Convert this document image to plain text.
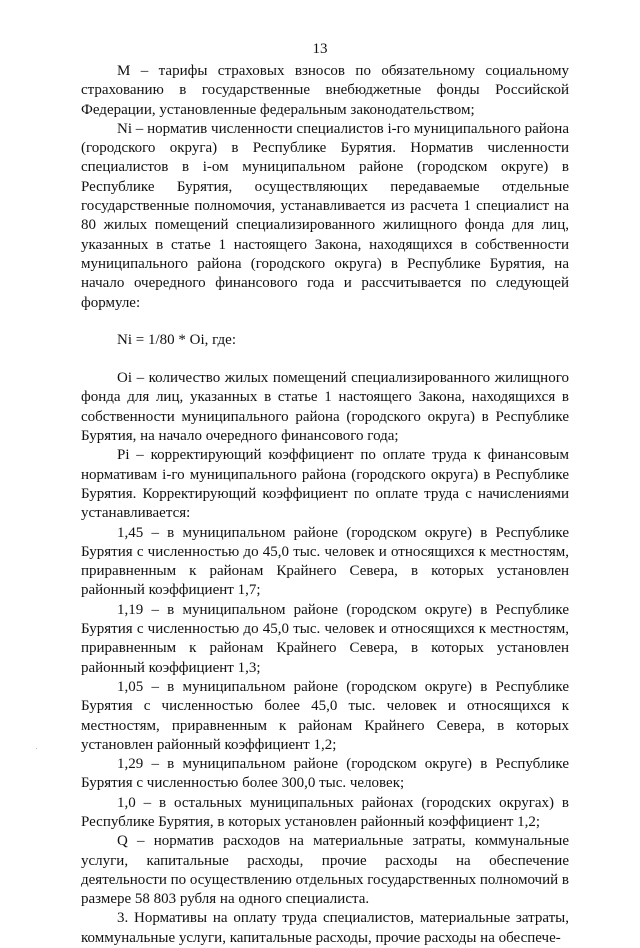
13

M – тарифы страховых взносов по обязательному социальному страхованию в государственные внебюджетные фонды Российской Федерации, установленные федеральным законодательством;

Ni – норматив численности специалистов i-го муниципального района (городского округа) в Республике Бурятия. Норматив численности специалистов в i-ом муниципальном районе (городском округе) в Республике Бурятия, осуществляющих передаваемые отдельные государственные полномочия, устанавливается из расчета 1 специалист на 80 жилых помещений специализированного жилищного фонда для лиц, указанных в статье 1 настоящего Закона, находящихся в собственности муниципального района (городского округа) в Республике Бурятия, на начало очередного финансового года и рассчитывается по следующей формуле:

Ni = 1/80 * Oi, где:

Oi – количество жилых помещений специализированного жилищного фонда для лиц, указанных в статье 1 настоящего Закона, находящихся в собственности муниципального района (городского округа) в Республике Бурятия, на начало очередного финансового года;

Pi – корректирующий коэффициент по оплате труда к финансовым нормативам i-го муниципального района (городского округа) в Республике Бурятия. Корректирующий коэффициент по оплате труда с начислениями устанавливается:

1,45 – в муниципальном районе (городском округе) в Республике Бурятия с численностью до 45,0 тыс. человек и относящихся к местностям, приравненным к районам Крайнего Севера, в которых установлен районный коэффициент 1,7;

1,19 – в муниципальном районе (городском округе) в Республике Бурятия с численностью до 45,0 тыс. человек и относящихся к местностям, приравненным к районам Крайнего Севера, в которых установлен районный коэффициент 1,3;

1,05 – в муниципальном районе (городском округе) в Республике Бурятия с численностью более 45,0 тыс. человек и относящихся к местностям, приравненным к районам Крайнего Севера, в которых установлен районный коэффициент 1,2;

1,29 – в муниципальном районе (городском округе) в Республике Бурятия с численностью более 300,0 тыс. человек;

1,0 – в остальных муниципальных районах (городских округах) в Республике Бурятия, в которых установлен районный коэффициент 1,2;

Q – норматив расходов на материальные затраты, коммунальные услуги, капитальные расходы, прочие расходы на обеспечение деятельности по осуществлению отдельных государственных полномочий в размере 58 803 рубля на одного специалиста.

3. Нормативы на оплату труда специалистов, материальные затраты, коммунальные услуги, капитальные расходы, прочие расходы на обеспече-
